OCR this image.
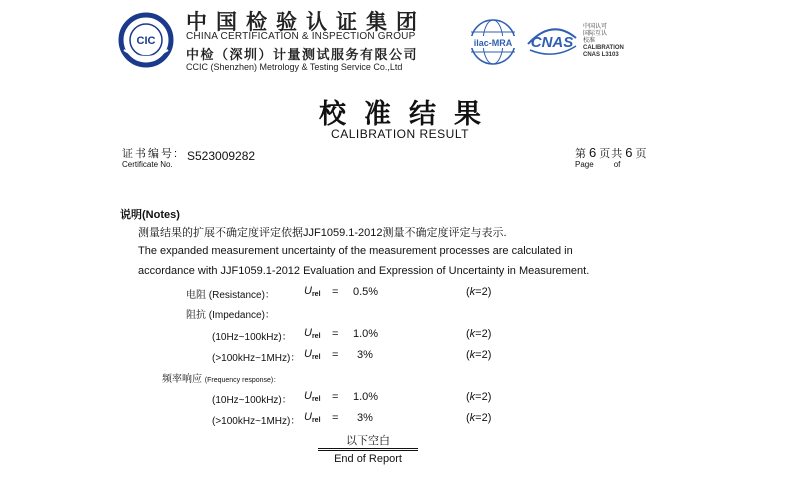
CIC
中国检验认证集团
CHINA CERTIFICATION & INSPECTION GROUP
中检（深圳）计量测试服务有限公司
CCIC (Shenzhen) Metrology & Testing Service Co.,Ltd
ilac-MRA CNAS
中国认可
国际互认
校准
CALIBRATION
CNAS L3103
校准结果
CALIBRATION RESULT
证书编号:
Certificate No.
S523009282	第 6 页共 6 页
Page	of
说明(Notes)
测量结果的扩展不确定度评定依据JJF1059.1-2012测量不确定度评定与表示.
The expanded measurement uncertainty of the measurement processes are calculated in
accordance with JJF1059.1-2012 Evaluation and Expression of Uncertainty in Measurement.
电阻 (Resistance)：	$U_{rel} = 0.5\%$	(k=2)
阻抗 (Impedance)：
(10Hz~100kHz)： $U_{rel} = 1.0\%$	(k=2)
(>100kHz~1MHz)： $U_{rel} = 3\%$	(k=2)
频率响应 (Frequency response)：
(10Hz~100kHz)： $U_{rel} = 1.0\%$	(k=2)
(>100kHz~1MHz)： $U_{rel} = 3\%$	(k=2)
以下空白
End of Report
